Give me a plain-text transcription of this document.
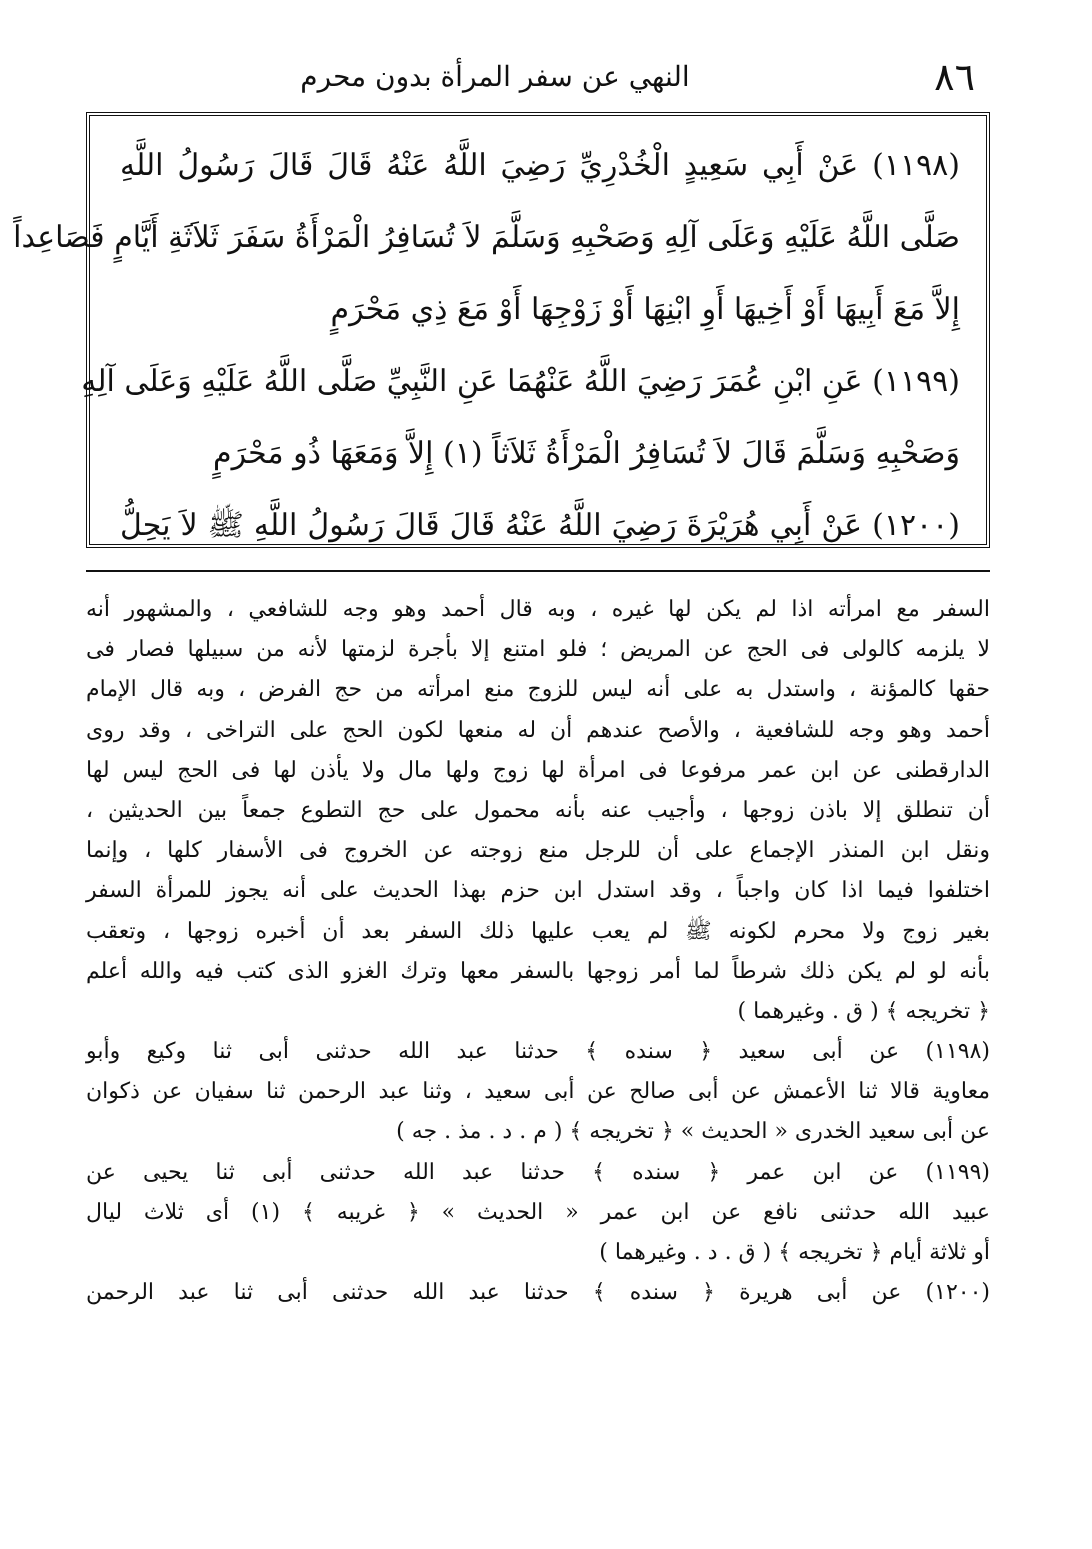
٨٦
النهي عن سفر المرأة بدون محرم
(١١٩٨) عَنْ أَبِي سَعِيدٍ الْخُدْرِيِّ رَضِيَ اللَّهُ عَنْهُ قَالَ قَالَ رَسُولُ اللَّهِ
صَلَّى اللَّهُ عَلَيْهِ وَعَلَى آلِهِ وَصَحْبِهِ وَسَلَّمَ لاَ تُسَافِرُ الْمَرْأَةُ سَفَرَ ثَلاَثَةِ أَيَّامٍ فَصَاعِداً
إِلاَّ مَعَ أَبِيهَا أَوْ أَخِيهَا أَوِ ابْنِهَا أَوْ زَوْجِهَا أَوْ مَعَ ذِي مَحْرَمٍ
(١١٩٩) عَنِ ابْنِ عُمَرَ رَضِيَ اللَّهُ عَنْهُمَا عَنِ النَّبِيِّ صَلَّى اللَّهُ عَلَيْهِ وَعَلَى آلِهِ
وَصَحْبِهِ وَسَلَّمَ قَالَ لاَ تُسَافِرُ الْمَرْأَةُ ثَلاَثاً (١) إِلاَّ وَمَعَهَا ذُو مَحْرَمٍ
(١٢٠٠) عَنْ أَبِي هُرَيْرَةَ رَضِيَ اللَّهُ عَنْهُ قَالَ قَالَ رَسُولُ اللَّهِ ﷺ لاَ يَحِلُّ
السفر مع امرأته اذا لم يكن لها غيره ، وبه قال أحمد وهو وجه للشافعي ، والمشهور أنه
لا يلزمه كالولى فى الحج عن المريض ؛ فلو امتنع إلا بأجرة لزمتها لأنه من سبيلها فصار فى
حقها كالمؤنة ، واستدل به على أنه ليس للزوج منع امرأته من حج الفرض ، وبه قال الإمام
أحمد وهو وجه للشافعية ، والأصح عندهم أن له منعها لكون الحج على التراخى ، وقد روى
الدارقطنى عن ابن عمر مرفوعا فى امرأة لها زوج ولها مال ولا يأذن لها فى الحج ليس لها
أن تنطلق إلا باذن زوجها ، وأجيب عنه بأنه محمول على حج التطوع جمعاً بين الحديثين ،
ونقل ابن المنذر الإجماع على أن للرجل منع زوجته عن الخروج فى الأسفار كلها ، وإنما
اختلفوا فيما اذا كان واجباً ، وقد استدل ابن حزم بهذا الحديث على أنه يجوز للمرأة السفر
بغير زوج ولا محرم لكونه ﷺ لم يعب عليها ذلك السفر بعد أن أخبره زوجها ، وتعقب
بأنه لو لم يكن ذلك شرطاً لما أمر زوجها بالسفر معها وترك الغزو الذى كتب فيه والله أعلم
﴿ تخريجه ﴾ ( ق . وغيرهما )
(١١٩٨) عن أبى سعيد ﴿ سنده ﴾ حدثنا عبد الله حدثنى أبى ثنا وكيع وأبو
معاوية قالا ثنا الأعمش عن أبى صالح عن أبى سعيد ، وثنا عبد الرحمن ثنا سفيان عن ذكوان
عن أبى سعيد الخدرى « الحديث » ﴿ تخريجه ﴾ ( م . د . مذ . جه )
(١١٩٩) عن ابن عمر ﴿ سنده ﴾ حدثنا عبد الله حدثنى أبى ثنا يحيى عن
عبيد الله حدثنى نافع عن ابن عمر « الحديث » ﴿ غريبه ﴾ (١) أى ثلاث ليال
أو ثلاثة أيام ﴿ تخريجه ﴾ ( ق . د . وغيرهما )
(١٢٠٠) عن أبى هريرة ﴿ سنده ﴾ حدثنا عبد الله حدثنى أبى ثنا عبد الرحمن
